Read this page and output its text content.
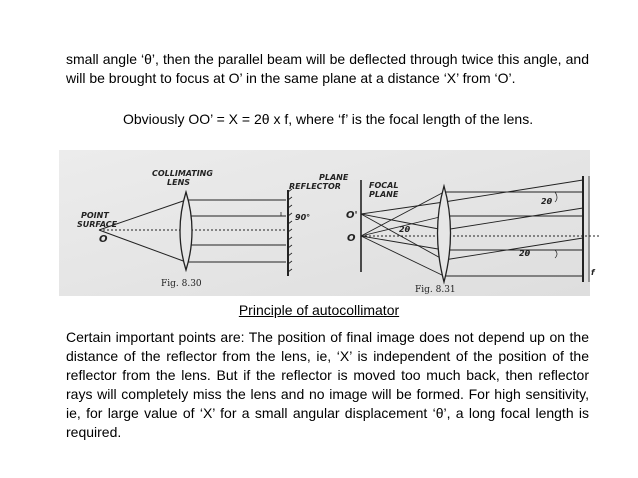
small angle ‘θ’, then the parallel beam will be deflected through twice this angle, and will be brought to focus at O’ in the same plane at a distance ‘X’ from ‘O’.

Obviously OO’ = X = 2θ x f, where ‘f’ is the focal length of the lens.

COLLIMATING
LENS
POINT
SURFACE
O
PLANE
REFLECTOR
90°
Fig. 8.30
FOCAL
PLANE
O'
O
2θ
2θ
2θ
f
Fig. 8.31

Principle of autocollimator

Certain important points are: The position of final image does not depend up on the distance of the reflector from the lens, ie, ‘X’ is independent of the position of the reflector from the lens. But if the reflector is moved too much back, then reflector rays will completely miss the lens and no image will be formed. For high sensitivity, ie, for large value of ‘X’ for a small angular displacement ‘θ’, a long focal length is required.
